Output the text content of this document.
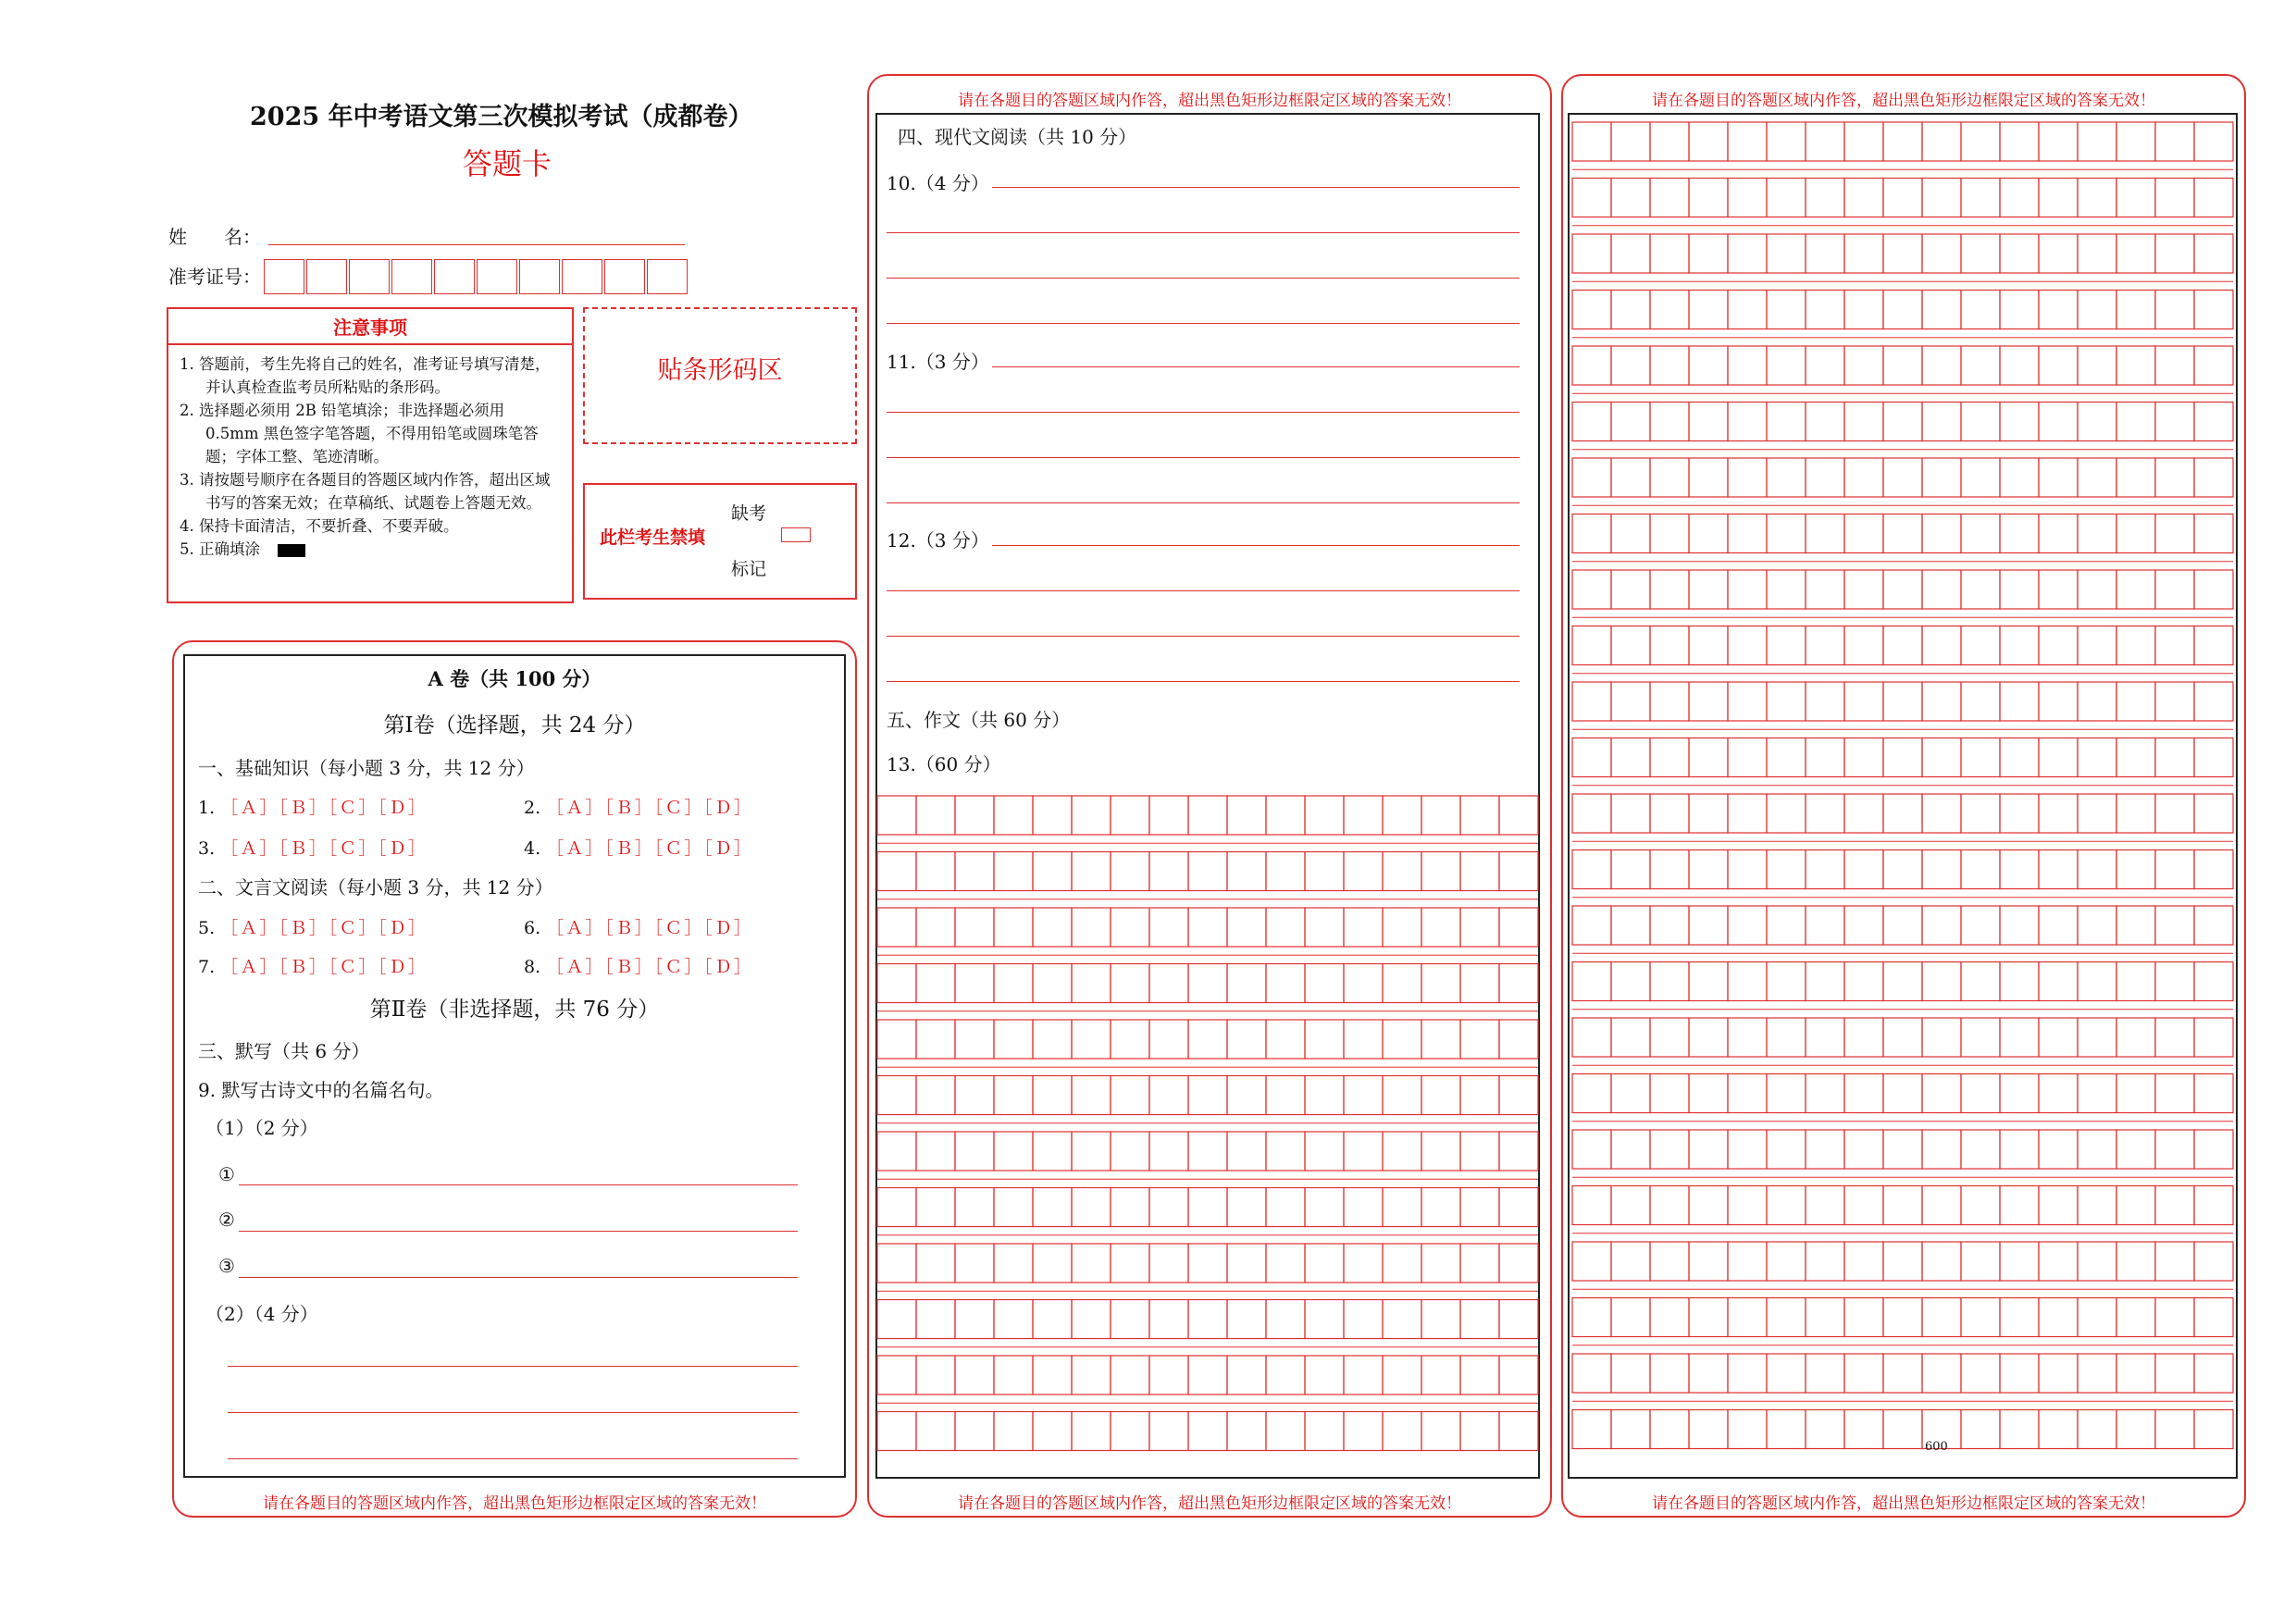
2025 年中考语文第三次模拟考试（成都卷）
答题卡
姓　　名：
准考证号：
注意事项
1. 答题前，考生先将自己的姓名，准考证号填写清楚，并认真检查监考员所粘贴的条形码。
2. 选择题必须用 2B 铅笔填涂；非选择题必须用 0.5mm 黑色签字笔答题，不得用铅笔或圆珠笔答题；字体工整、笔迹清晰。
3. 请按题号顺序在各题目的答题区域内作答，超出区域书写的答案无效；在草稿纸、试题卷上答题无效。
4. 保持卡面清洁，不要折叠、不要弄破。
5. 正确填涂
贴条形码区
此栏考生禁填
缺考
标记
请在各题目的答题区域内作答，超出黑色矩形边框限定区域的答案无效！
A 卷（共 100 分）
第Ⅰ卷（选择题，共 24 分）
一、基础知识（每小题 3 分，共 12 分）
1. ［Ａ］［Ｂ］［Ｃ］［Ｄ］	2. ［Ａ］［Ｂ］［Ｃ］［Ｄ］
3. ［Ａ］［Ｂ］［Ｃ］［Ｄ］	4. ［Ａ］［Ｂ］［Ｃ］［Ｄ］
二、文言文阅读（每小题 3 分，共 12 分）
5. ［Ａ］［Ｂ］［Ｃ］［Ｄ］	6. ［Ａ］［Ｂ］［Ｃ］［Ｄ］
7. ［Ａ］［Ｂ］［Ｃ］［Ｄ］	8. ［Ａ］［Ｂ］［Ｃ］［Ｄ］
第Ⅱ卷（非选择题，共 76 分）
三、默写（共 6 分）
9. 默写古诗文中的名篇名句。
（1）（2 分）
①
②
③
（2）（4 分）
请在各题目的答题区域内作答，超出黑色矩形边框限定区域的答案无效！
请在各题目的答题区域内作答，超出黑色矩形边框限定区域的答案无效！
四、现代文阅读（共 10 分）
10.（4 分）
11.（3 分）
12.（3 分）
五、作文（共 60 分）
13.（60 分）
请在各题目的答题区域内作答，超出黑色矩形边框限定区域的答案无效！
请在各题目的答题区域内作答，超出黑色矩形边框限定区域的答案无效！
600
